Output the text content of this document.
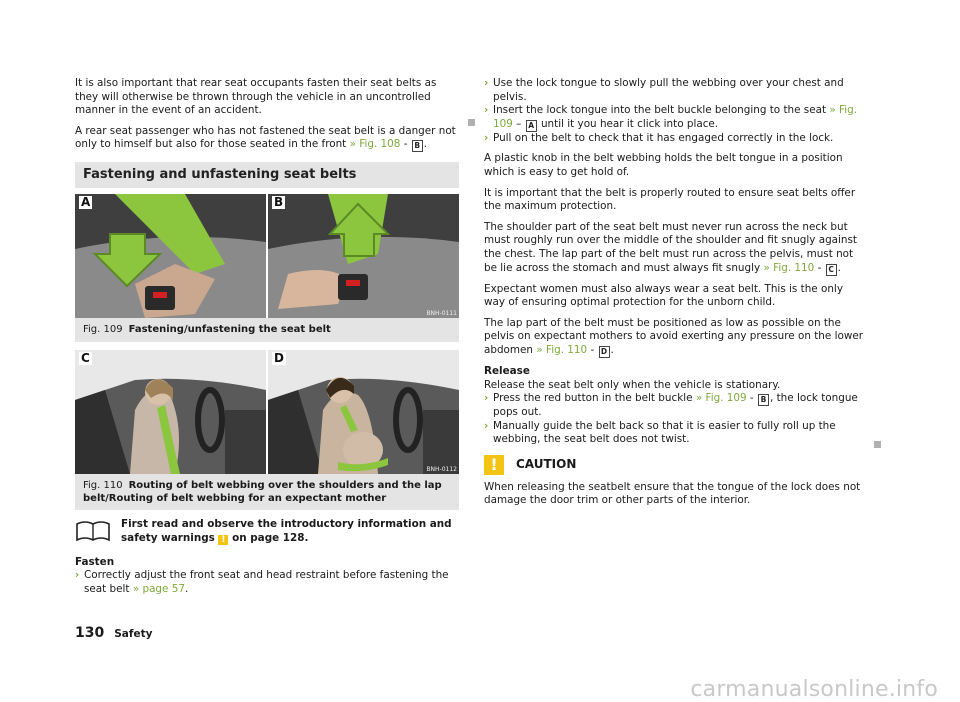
It is also important that rear seat occupants fasten their seat belts as they will otherwise be thrown through the vehicle in an uncontrolled manner in the event of an accident.

A rear seat passenger who has not fastened the seat belt is a danger not only to himself but also for those seated in the front » Fig. 108 - B .

Fastening and unfastening seat belts
A	B
BNH-0111
Fig. 109 Fastening/unfastening the seat belt
C	D
BNH-0112
Fig. 110 Routing of belt webbing over the shoulders and the lap belt/Routing of belt webbing for an expectant mother
First read and observe the introductory information and safety warnings ! on page 128.

Fasten

› Correctly adjust the front seat and head restraint before fastening the seat belt » page 57.
› Use the lock tongue to slowly pull the webbing over your chest and pelvis.
› Insert the lock tongue into the belt buckle belonging to the seat » Fig. 109 – A until it you hear it click into place.
› Pull on the belt to check that it has engaged correctly in the lock.

A plastic knob in the belt webbing holds the belt tongue in a position which is easy to get hold of.

It is important that the belt is properly routed to ensure seat belts offer the maximum protection.

The shoulder part of the seat belt must never run across the neck but must roughly run over the middle of the shoulder and fit snugly against the chest. The lap part of the belt must run across the pelvis, must not be lie across the stomach and must always fit snugly » Fig. 110 - C .

Expectant women must also always wear a seat belt. This is the only way of ensuring optimal protection for the unborn child.

The lap part of the belt must be positioned as low as possible on the pelvis on expectant mothers to avoid exerting any pressure on the lower abdomen » Fig. 110 - D .

Release

Release the seat belt only when the vehicle is stationary.

› Press the red button in the belt buckle » Fig. 109 - B , the lock tongue pops out.
› Manually guide the belt back so that it is easier to fully roll up the webbing, the seat belt does not twist.
!	CAUTION

When releasing the seatbelt ensure that the tongue of the lock does not damage the door trim or other parts of the interior.

130 Safety
carmanualsonline.info
